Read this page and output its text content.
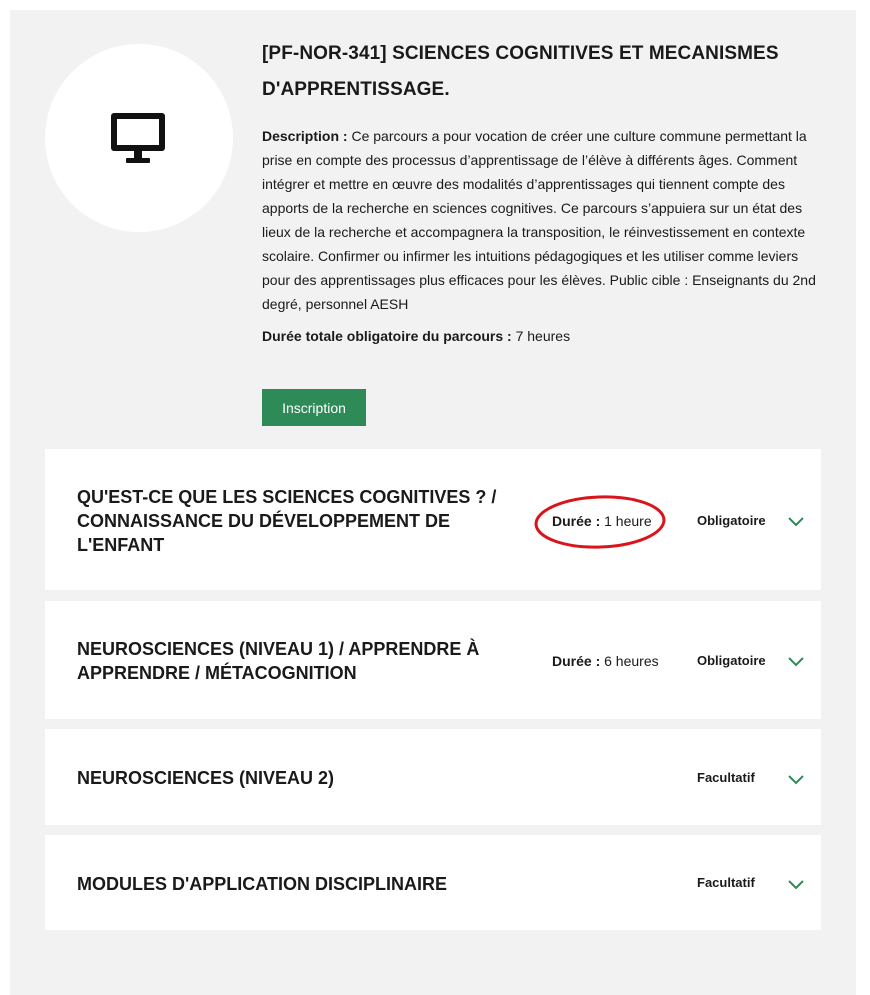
[PF-NOR-341] SCIENCES COGNITIVES ET MECANISMES D'APPRENTISSAGE.

Description : Ce parcours a pour vocation de créer une culture commune permettant la prise en compte des processus d’apprentissage de l’élève à différents âges. Comment intégrer et mettre en œuvre des modalités d’apprentissages qui tiennent compte des apports de la recherche en sciences cognitives. Ce parcours s’appuiera sur un état des lieux de la recherche et accompagnera la transposition, le réinvestissement en contexte scolaire. Confirmer ou infirmer les intuitions pédagogiques et les utiliser comme leviers pour des apprentissages plus efficaces pour les élèves. Public cible : Enseignants du 2nd degré, personnel AESH

Durée totale obligatoire du parcours : 7 heures

Inscription
QU'EST-CE QUE LES SCIENCES COGNITIVES ? / CONNAISSANCE DU DÉVELOPPEMENT DE L'ENFANT
Durée : 1 heure	Obligatoire
NEUROSCIENCES (NIVEAU 1) / APPRENDRE À APPRENDRE / MÉTACOGNITION
Durée : 6 heures	Obligatoire
NEUROSCIENCES (NIVEAU 2)	Facultatif
MODULES D'APPLICATION DISCIPLINAIRE	Facultatif
